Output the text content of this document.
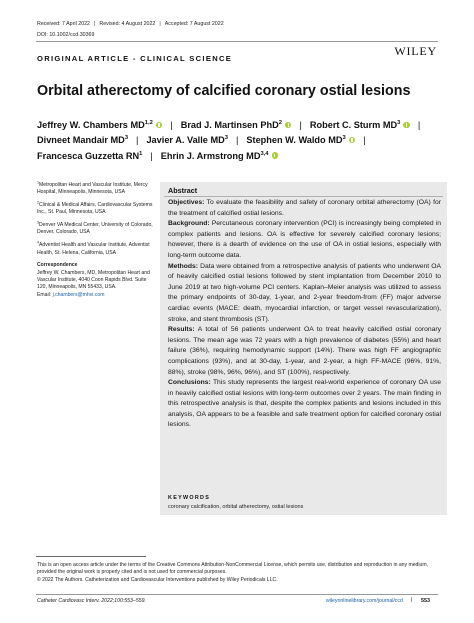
Received: 7 April 2022 | Revised: 4 August 2022 | Accepted: 7 August 2022
DOI: 10.1002/ccd.30369
ORIGINAL ARTICLE - CLINICAL SCIENCE
WILEY
Orbital atherectomy of calcified coronary ostial lesions
Jeffrey W. Chambers MD$^{1,2}$ | Brad J. Martinsen PhD$^2$ | Robert C. Sturm $MD^3$ |
Divneet Mandair $MD^3$ | Javier A. Valle $MD^3$ | Stephen W. Waldo $MD^3$ |
Francesca Guzzetta $RN^1$ | Ehrin J. Armstrong MD$^{3,4}$
$^1$Metropolitan Heart and Vascular Institute, Mercy Hospital, Minneapolis, Minnesota, USA
$^2$Clinical & Medical Affairs, Cardiovascular Systems Inc., St. Paul, Minnesota, USA
$^3$Denver VA Medical Center, University of Colorado, Denver, Colorado, USA
$^4$Adventist Health and Vascular Institute, Adventist Health, St. Helena, California, USA
Correspondence
Jeffrey W. Chambers, MD, Metropolitan Heart and Vascular Institute, 4040 Coon Rapids Blvd. Suite 120, Minneapolis, MN 55433, USA.
Email: j.chambers@mhvi.com
Abstract

Objectives: To evaluate the feasibility and safety of coronary orbital atherectomy (OA) for the treatment of calcified ostial lesions.

Background: Percutaneous coronary intervention (PCI) is increasingly being completed in complex patients and lesions. OA is effective for severely calcified coronary lesions; however, there is a dearth of evidence on the use of OA in ostial lesions, especially with long-term outcome data.

Methods: Data were obtained from a retrospective analysis of patients who underwent OA of heavily calcified ostial lesions followed by stent implantation from December 2010 to June 2019 at two high-volume PCI centers. Kaplan–Meier analysis was utilized to assess the primary endpoints of 30-day, 1-year, and 2-year freedom-from (FF) major adverse cardiac events (MACE: death, myocardial infarction, or target vessel revascularization), stroke, and stent thrombosis (ST).

Results: A total of 56 patients underwent OA to treat heavily calcified ostial coronary lesions. The mean age was 72 years with a high prevalence of diabetes (55%) and heart failure (36%), requiring hemodynamic support (14%). There was high FF angiographic complications (93%), and at 30-day, 1-year, and 2-year, a high FF-MACE (96%, 91%, 88%), stroke (98%, 96%, 96%), and ST (100%), respectively.

Conclusions: This study represents the largest real-world experience of coronary OA use in heavily calcified ostial lesions with long-term outcomes over 2 years. The main finding in this retrospective analysis is that, despite the complex patients and lesions included in this analysis, OA appears to be a feasible and safe treatment option for calcified coronary ostial lesions.

KEYWORDS
coronary calcification, orbital atherectomy, ostial lesions
This is an open access article under the terms of the Creative Commons Attribution-NonCommercial License, which permits use, distribution and reproduction in any medium, provided the original work is properly cited and is not used for commercial purposes.
© 2022 The Authors. Catheterization and Cardiovascular Interventions published by Wiley Periodicals LLC.
Catheter Cardiovasc Interv. 2022;100:553–559.	wileyonlinelibrary.com/journal/ccd | 553
